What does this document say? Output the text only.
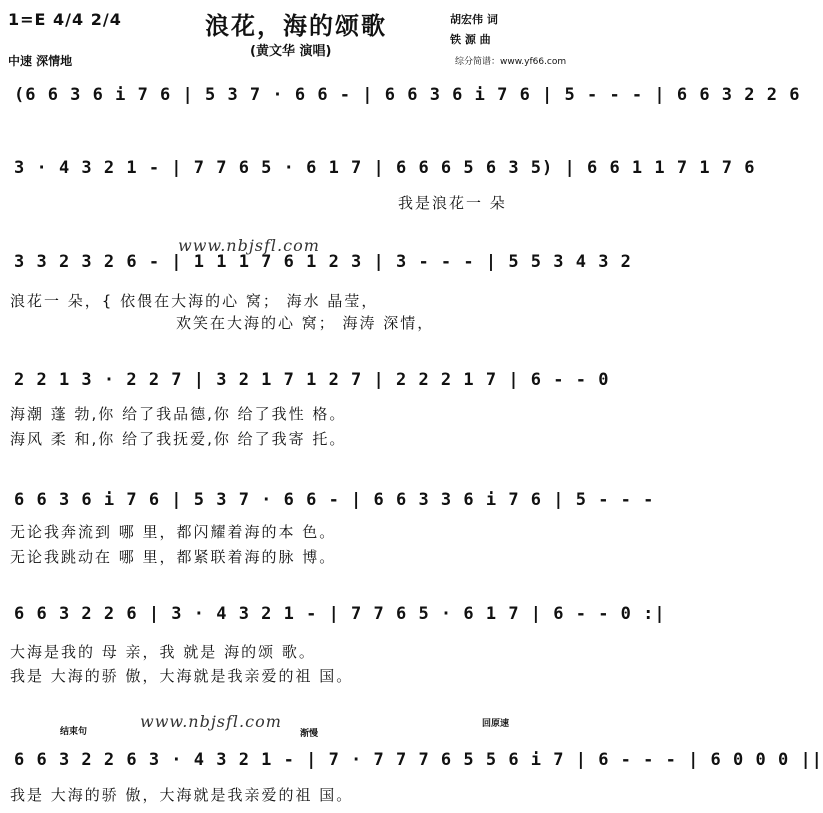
1=E 4/4 2/4	浪花，海的颂歌
(黄文华 演唱)
胡宏伟 词
铁 源 曲
中速 深情地	综分简谱：www.yf66.com
(6 6 3 6 i 7 6 | 5 3 7 · 6 6 - | 6 6 3 6 i 7 6 | 5 - - - | 6 6 3 2 2 6
3 · 4 3 2 1 - | 7 7 6 5 · 6 1 7 | 6 6 6 5 6 3 5) | 6 6 1 1 7 1 7 6
我是浪花一 朵
3 3 2 3 2 6 - | 1 1 1 7 6 1 2 3 | 3 - - - | 5 5 3 4 3 2
www.nbjsfl.com
浪花一 朵，{ 依偎在大海的心 窝； 海水 晶莹，
欢笑在大海的心 窝； 海涛 深情，
2 2 1 3 · 2 2 7 | 3 2 1 7 1 2 7 | 2 2 2 1 7 | 6 - - 0
海潮 蓬 勃,你 给了我品德,你 给了我性 格。
海风 柔 和,你 给了我抚爱,你 给了我寄 托。
6 6 3 6 i 7 6 | 5 3 7 · 6 6 - | 6 6 3 3 6 i 7 6 | 5 - - -
无论我奔流到 哪 里，都闪耀着海的本 色。
无论我跳动在 哪 里，都紧联着海的脉 博。
6 6 3 2 2 6 | 3 · 4 3 2 1 - | 7 7 6 5 · 6 1 7 | 6 - - 0 :|
大海是我的 母 亲，我 就是 海的颂 歌。
我是 大海的骄 傲，大海就是我亲爱的祖 国。
结束句	渐慢
回原速
www.nbjsfl.com
6 6 3 2 2 6 3 · 4 3 2 1 - | 7 · 7 7 7 6 5 5 6 i 7 | 6 - - - | 6 0 0 0 ||
我是 大海的骄 傲，大海就是我亲爱的祖 国。
